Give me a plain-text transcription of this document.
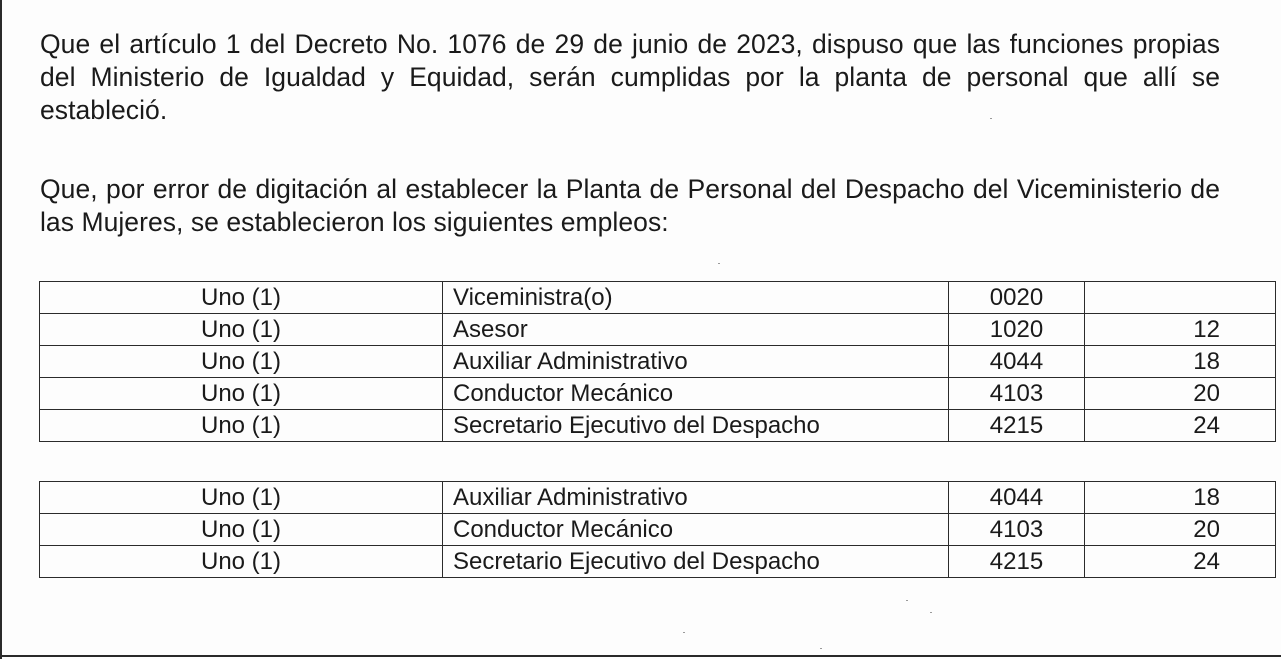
Que el artículo 1 del Decreto No. 1076 de 29 de junio de 2023, dispuso que las funciones propias del Ministerio de Igualdad y Equidad, serán cumplidas por la planta de personal que allí se estableció.

Que, por error de digitación al establecer la Planta de Personal del Despacho del Viceministerio de las Mujeres, se establecieron los siguientes empleos:

Uno (1)	Viceministra(o)	0020	
Uno (1)	Asesor	1020	12
Uno (1)	Auxiliar Administrativo	4044	18
Uno (1)	Conductor Mecánico	4103	20
Uno (1)	Secretario Ejecutivo del Despacho	4215	24
Uno (1)	Auxiliar Administrativo	4044	18
Uno (1)	Conductor Mecánico	4103	20
Uno (1)	Secretario Ejecutivo del Despacho	4215	24
